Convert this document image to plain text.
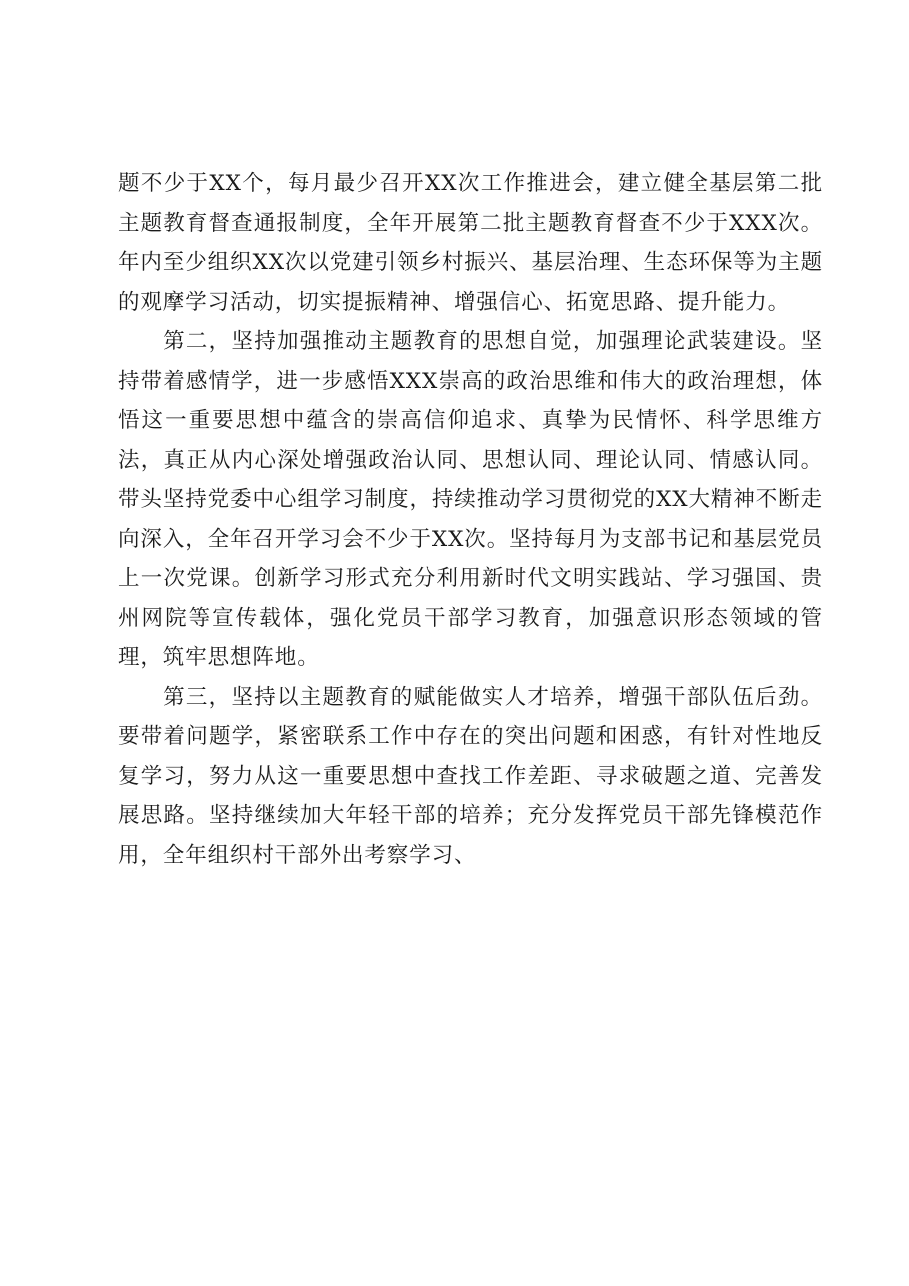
题不少于XX个，每月最少召开XX次工作推进会，建立健全基层第二批主题教育督查通报制度，全年开展第二批主题教育督查不少于XXX次。年内至少组织XX次以党建引领乡村振兴、基层治理、生态环保等为主题的观摩学习活动，切实提振精神、增强信心、拓宽思路、提升能力。

第二，坚持加强推动主题教育的思想自觉，加强理论武装建设。坚持带着感情学，进一步感悟XXX崇高的政治思维和伟大的政治理想，体悟这一重要思想中蕴含的崇高信仰追求、真挚为民情怀、科学思维方法，真正从内心深处增强政治认同、思想认同、理论认同、情感认同。带头坚持党委中心组学习制度，持续推动学习贯彻党的XX大精神不断走向深入，全年召开学习会不少于XX次。坚持每月为支部书记和基层党员上一次党课。创新学习形式充分利用新时代文明实践站、学习强国、贵州网院等宣传载体，强化党员干部学习教育，加强意识形态领域的管理，筑牢思想阵地。

第三，坚持以主题教育的赋能做实人才培养，增强干部队伍后劲。要带着问题学，紧密联系工作中存在的突出问题和困惑，有针对性地反复学习，努力从这一重要思想中查找工作差距、寻求破题之道、完善发展思路。坚持继续加大年轻干部的培养；充分发挥党员干部先锋模范作用，全年组织村干部外出考察学习、
